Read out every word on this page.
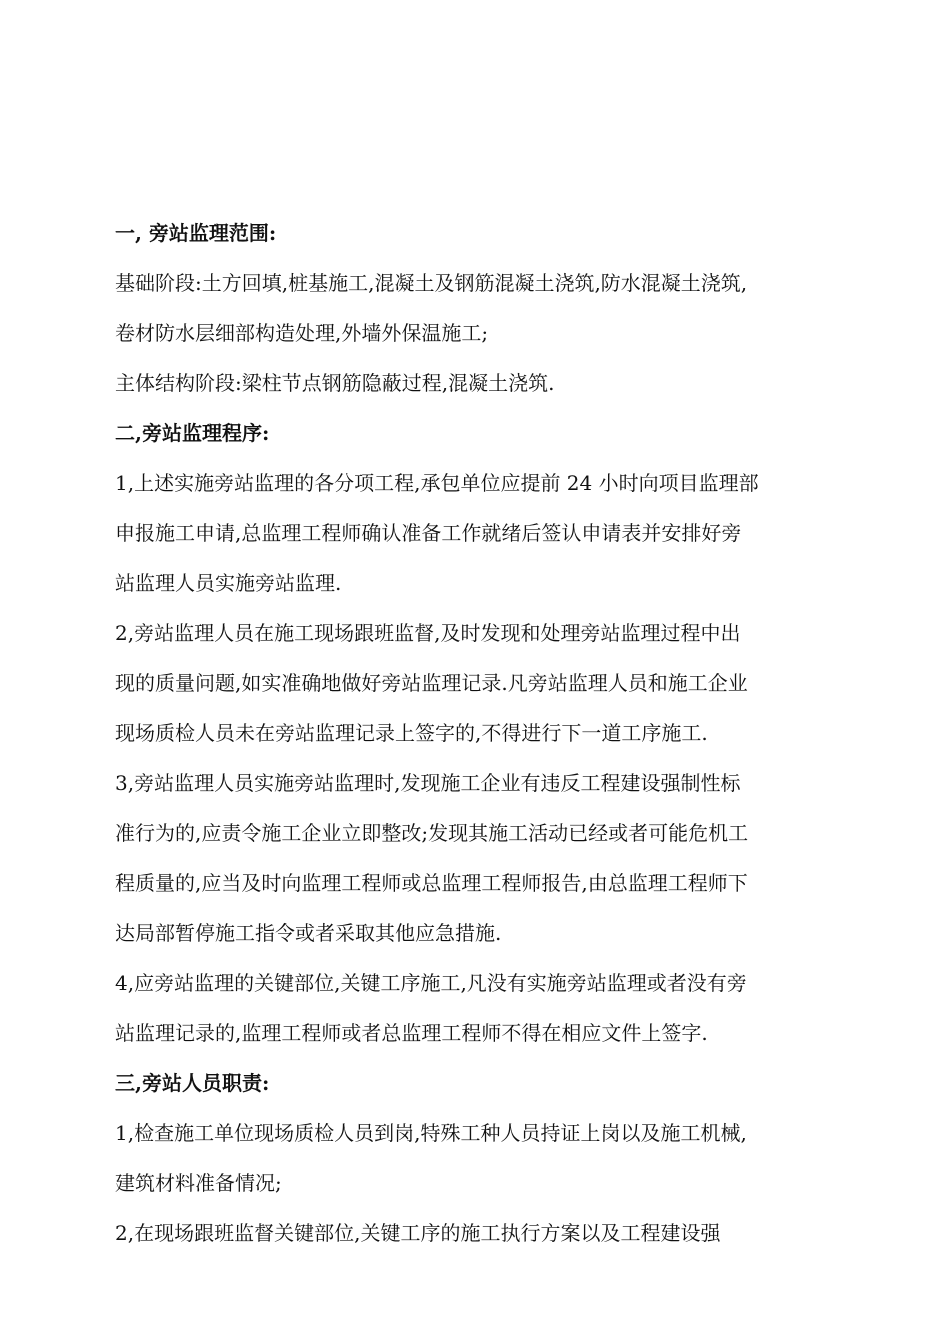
一, 旁站监理范围:
基础阶段:土方回填,桩基施工,混凝土及钢筋混凝土浇筑,防水混凝土浇筑,
卷材防水层细部构造处理,外墙外保温施工;
主体结构阶段:梁柱节点钢筋隐蔽过程,混凝土浇筑.
二,旁站监理程序:
1,上述实施旁站监理的各分项工程,承包单位应提前 24 小时向项目监理部
申报施工申请,总监理工程师确认准备工作就绪后签认申请表并安排好旁
站监理人员实施旁站监理.
2,旁站监理人员在施工现场跟班监督,及时发现和处理旁站监理过程中出
现的质量问题,如实准确地做好旁站监理记录.凡旁站监理人员和施工企业
现场质检人员未在旁站监理记录上签字的,不得进行下一道工序施工.
3,旁站监理人员实施旁站监理时,发现施工企业有违反工程建设强制性标
准行为的,应责令施工企业立即整改;发现其施工活动已经或者可能危机工
程质量的,应当及时向监理工程师或总监理工程师报告,由总监理工程师下
达局部暂停施工指令或者采取其他应急措施.
4,应旁站监理的关键部位,关键工序施工,凡没有实施旁站监理或者没有旁
站监理记录的,监理工程师或者总监理工程师不得在相应文件上签字.
三,旁站人员职责:
1,检查施工单位现场质检人员到岗,特殊工种人员持证上岗以及施工机械,
建筑材料准备情况;
2,在现场跟班监督关键部位,关键工序的施工执行方案以及工程建设强
